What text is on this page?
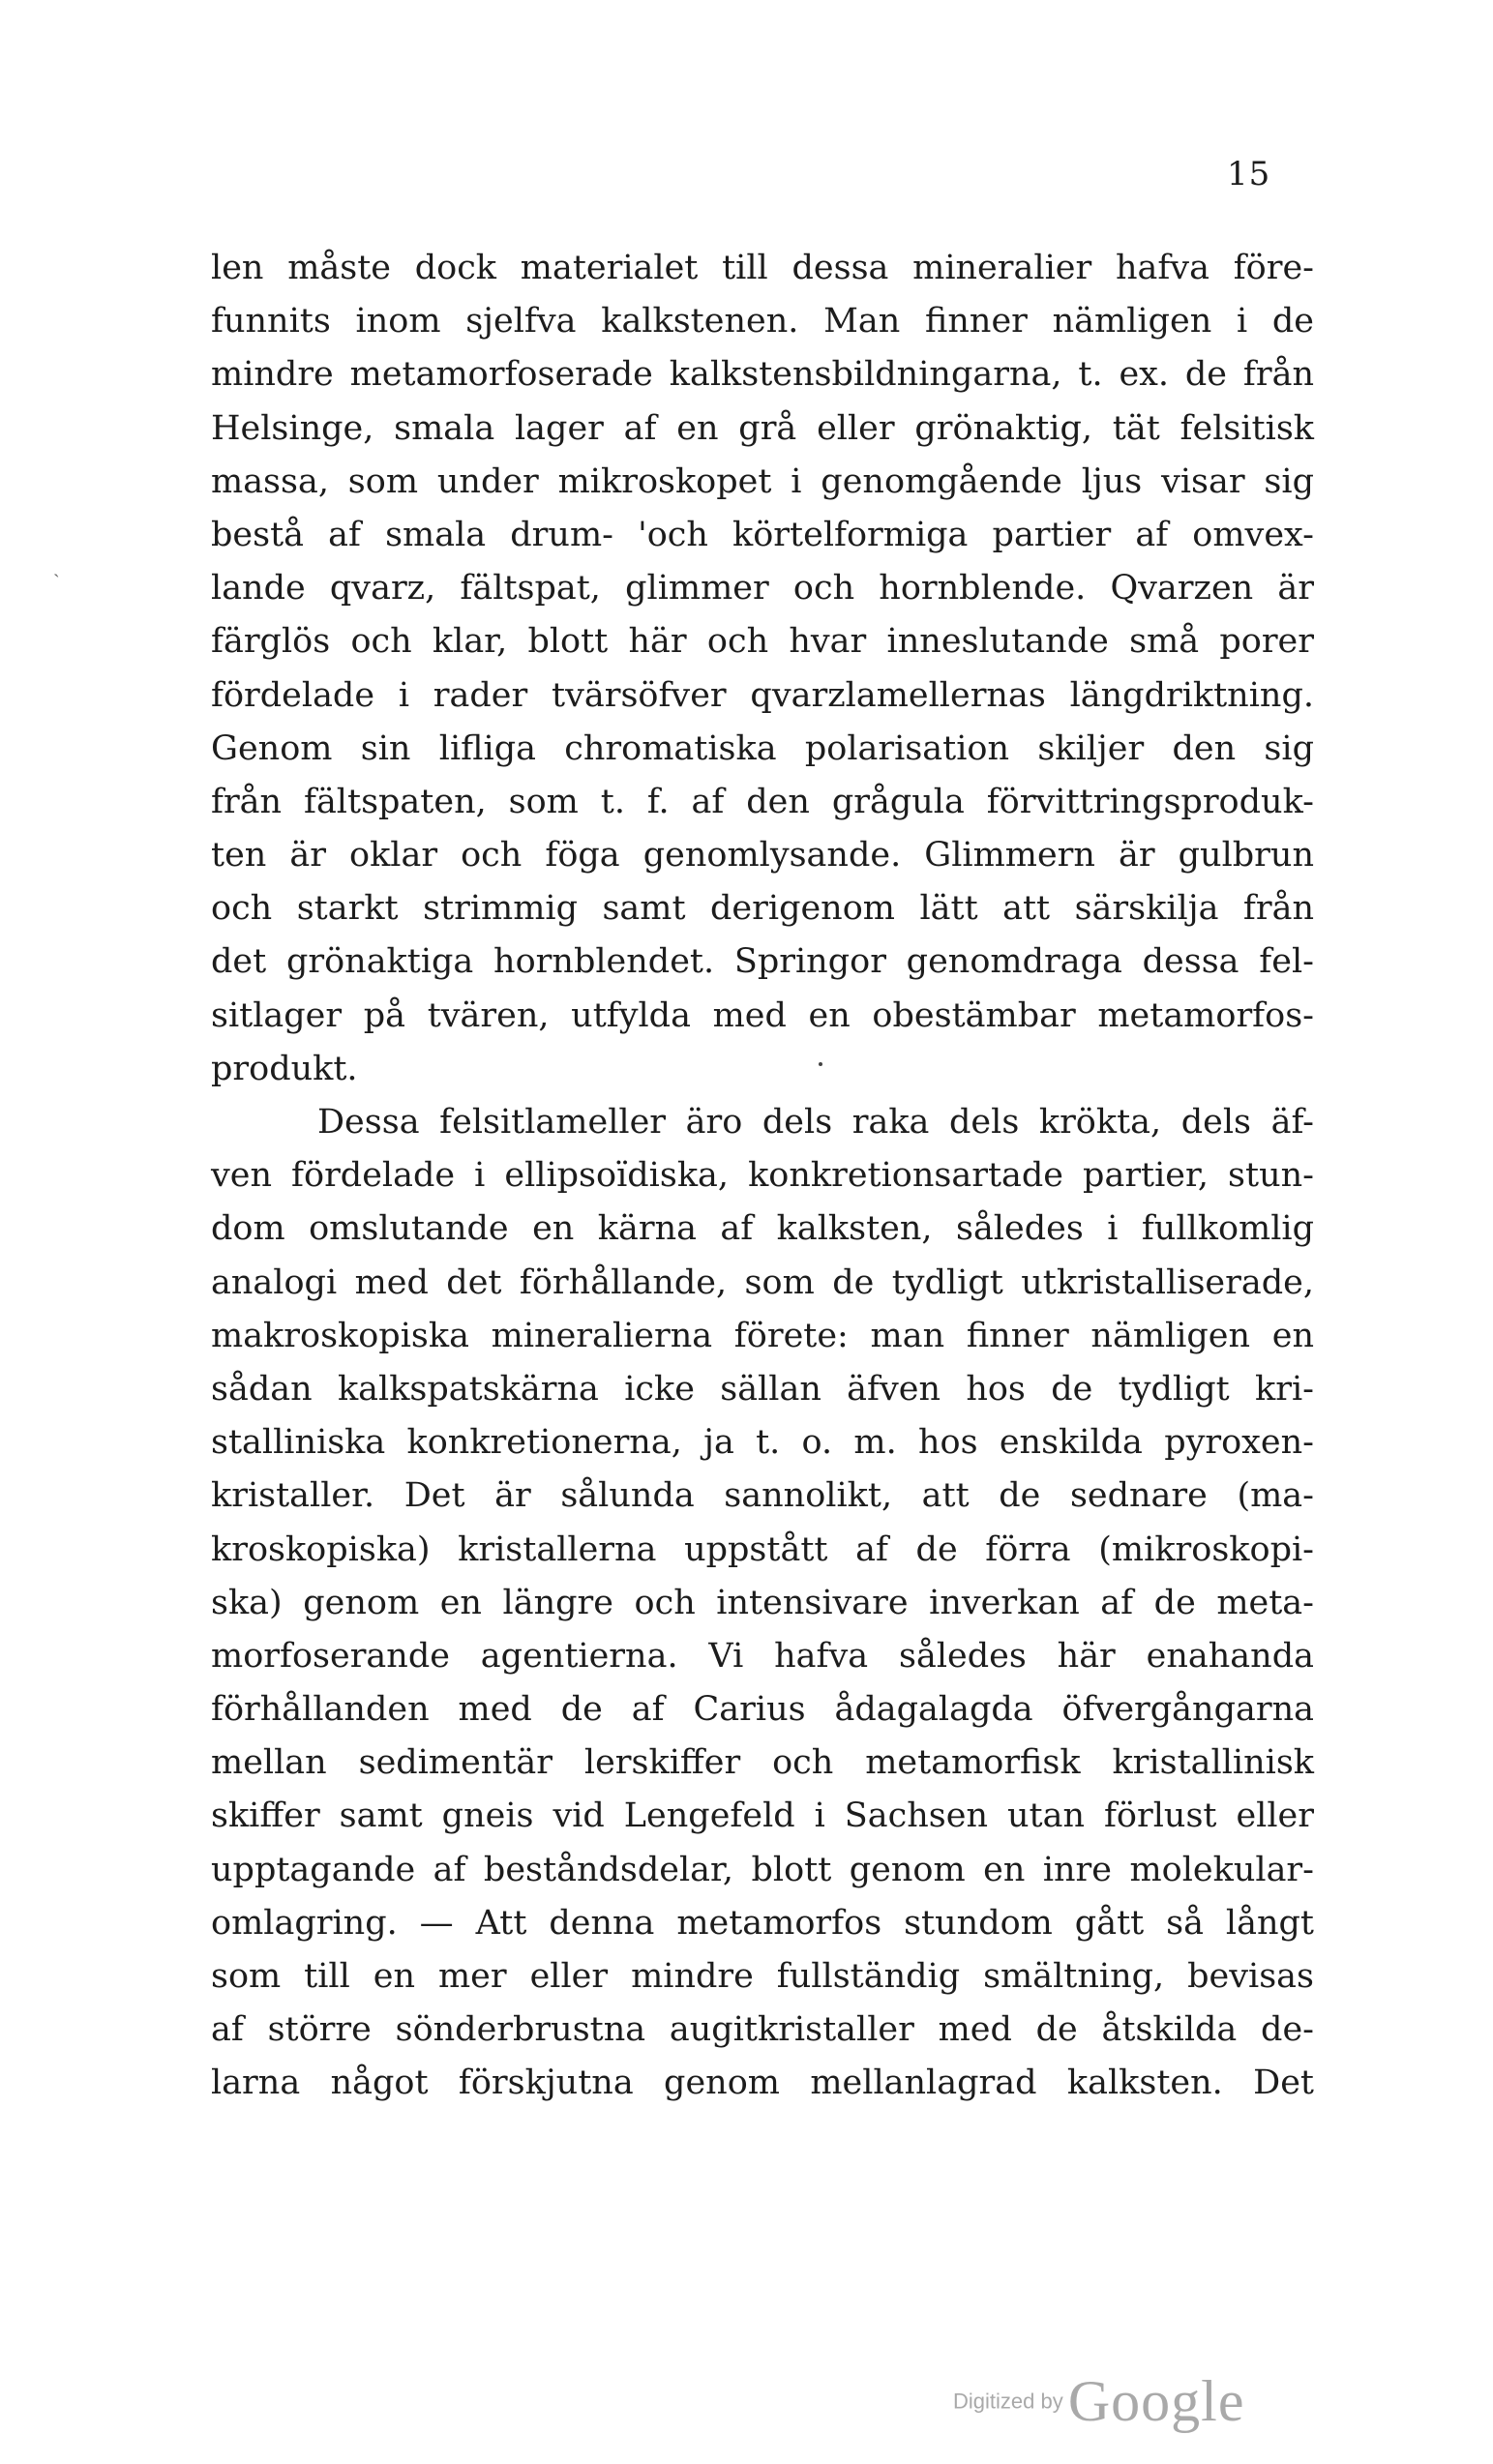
15
ˎ
len måste dock materialet till dessa mineralier hafva före-
funnits inom sjelfva kalkstenen. Man finner nämligen i de
mindre metamorfoserade kalkstensbildningarna, t. ex. de från
Helsinge, smala lager af en grå eller grönaktig, tät felsitisk
massa, som under mikroskopet i genomgående ljus visar sig
bestå af smala drum- 'och körtelformiga partier af omvex-
lande qvarz, fältspat, glimmer och hornblende. Qvarzen är
färglös och klar, blott här och hvar inneslutande små porer
fördelade i rader tvärsöfver qvarzlamellernas längdriktning.
Genom sin lifliga chromatiska polarisation skiljer den sig
från fältspaten, som t. f. af den grågula förvittringsproduk-
ten är oklar och föga genomlysande. Glimmern är gulbrun
och starkt strimmig samt derigenom lätt att särskilja från
det grönaktiga hornblendet. Springor genomdraga dessa fel-
sitlager på tvären, utfylda med en obestämbar metamorfos-
produkt.
Dessa felsitlameller äro dels raka dels krökta, dels äf-
ven fördelade i ellipsoïdiska, konkretionsartade partier, stun-
dom omslutande en kärna af kalksten, således i fullkomlig
analogi med det förhållande, som de tydligt utkristalliserade,
makroskopiska mineralierna förete: man finner nämligen en
sådan kalkspatskärna icke sällan äfven hos de tydligt kri-
stalliniska konkretionerna, ja t. o. m. hos enskilda pyroxen-
kristaller. Det är sålunda sannolikt, att de sednare (ma-
kroskopiska) kristallerna uppstått af de förra (mikroskopi-
ska) genom en längre och intensivare inverkan af de meta-
morfoserande agentierna. Vi hafva således här enahanda
förhållanden med de af Carius ådagalagda öfvergångarna
mellan sedimentär lerskiffer och metamorfisk kristallinisk
skiffer samt gneis vid Lengefeld i Sachsen utan förlust eller
upptagande af beståndsdelar, blott genom en inre molekular-
omlagring. — Att denna metamorfos stundom gått så långt
som till en mer eller mindre fullständig smältning, bevisas
af större sönderbrustna augitkristaller med de åtskilda de-
larna något förskjutna genom mellanlagrad kalksten. Det
Digitized by Google
